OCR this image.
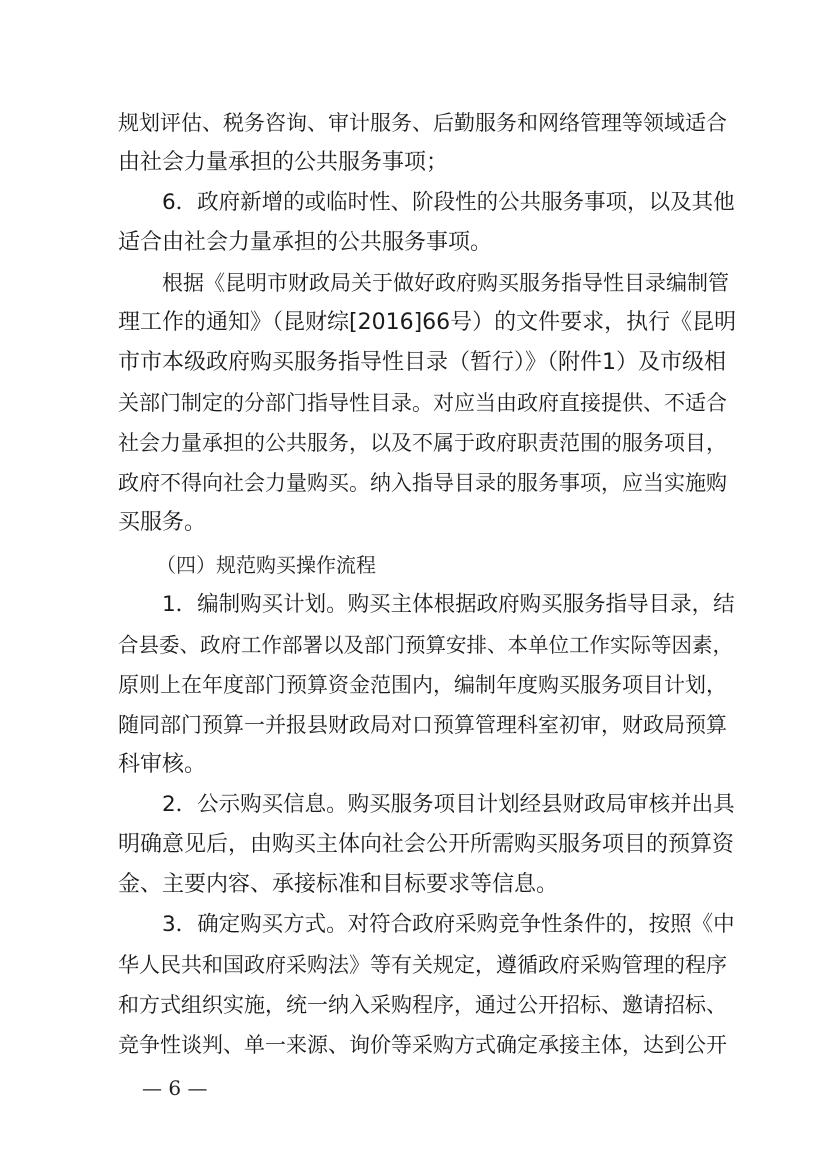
规划评估、税务咨询、审计服务、后勤服务和网络管理等领域适合
由社会力量承担的公共服务事项；
6．政府新增的或临时性、阶段性的公共服务事项，以及其他
适合由社会力量承担的公共服务事项。
根据《昆明市财政局关于做好政府购买服务指导性目录编制管
理工作的通知》（昆财综[2016]66号）的文件要求，执行《昆明
市市本级政府购买服务指导性目录（暂行）》（附件1）及市级相
关部门制定的分部门指导性目录。对应当由政府直接提供、不适合
社会力量承担的公共服务，以及不属于政府职责范围的服务项目，
政府不得向社会力量购买。纳入指导目录的服务事项，应当实施购
买服务。
（四）规范购买操作流程
1．编制购买计划。购买主体根据政府购买服务指导目录，结
合县委、政府工作部署以及部门预算安排、本单位工作实际等因素，
原则上在年度部门预算资金范围内，编制年度购买服务项目计划，
随同部门预算一并报县财政局对口预算管理科室初审，财政局预算
科审核。
2．公示购买信息。购买服务项目计划经县财政局审核并出具
明确意见后，由购买主体向社会公开所需购买服务项目的预算资
金、主要内容、承接标准和目标要求等信息。
3．确定购买方式。对符合政府采购竞争性条件的，按照《中
华人民共和国政府采购法》等有关规定，遵循政府采购管理的程序
和方式组织实施，统一纳入采购程序，通过公开招标、邀请招标、
竞争性谈判、单一来源、询价等采购方式确定承接主体，达到公开
— 6 —
